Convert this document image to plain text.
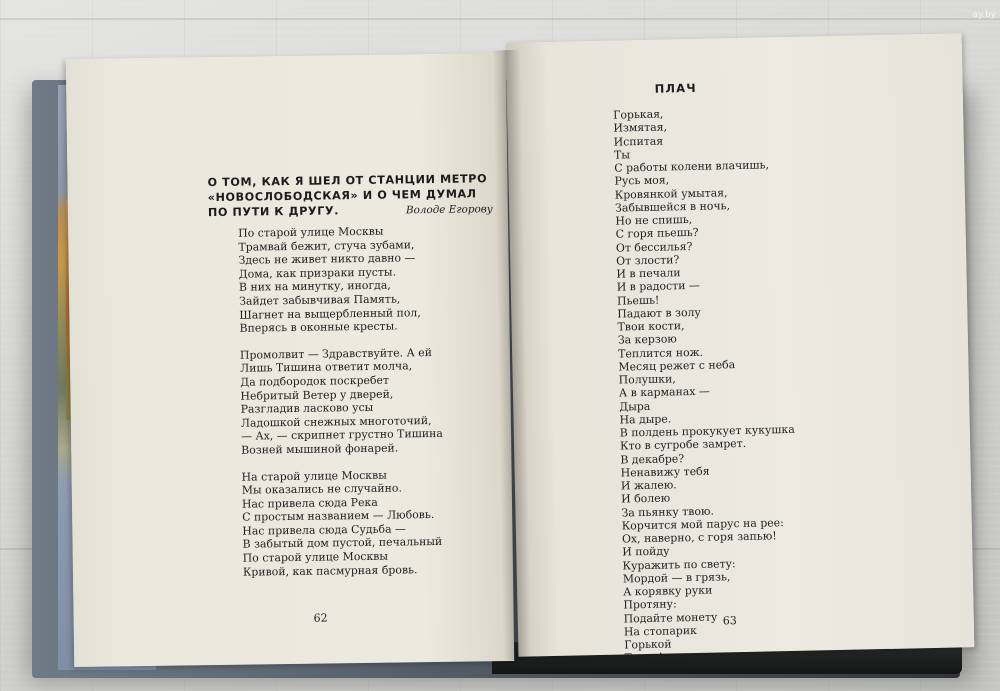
О ТОМ, КАК Я ШЕЛ ОТ СТАНЦИИ МЕТРО
«НОВОСЛОБОДСКАЯ» И О ЧЕМ ДУМАЛ
ПО ПУТИ К ДРУГУ.	Володе Егорову
По старой улице Москвы
Трамвай бежит, стуча зубами,
Здесь не живет никто давно —
Дома, как призраки пусты.
В них на минутку, иногда,
Зайдет забывчивая Память,
Шагнет на выщербленный пол,
Вперясь в оконные кресты.
Промолвит — Здравствуйте. А ей
Лишь Тишина ответит молча,
Да подбородок поскребет
Небритый Ветер у дверей,
Разгладив ласково усы
Ладошкой снежных многоточий,
— Ах, — скрипнет грустно Тишина
Возней мышиной фонарей.
На старой улице Москвы
Мы оказались не случайно.
Нас привела сюда Река
С простым названием — Любовь.
Нас привела сюда Судьба —
В забытый дом пустой, печальный
По старой улице Москвы
Кривой, как пасмурная бровь.
62
ПЛАЧ
Горькая,
Измятая,
Испитая
Ты
С работы колени влачишь,
Русь моя,
Кровянкой умытая,
Забывшейся в ночь,
Но не спишь,
С горя пьешь?
От бессилья?
От злости?
И в печали
И в радости —
Пьешь!
Падают в золу
Твои кости,
За керзою
Теплится нож.
Месяц режет с неба
Полушки,
А в карманах —
Дыра
На дыре.
В полдень прокукует кукушка
Кто в сугробе замрет.
В декабре?
Ненавижу тебя
И жалею.
И болею
За пьянку твою.
Корчится мой парус на рее:
Ох, наверно, с горя запью!
И пойду
Куражить по свету:
Мордой — в грязь,
А корявку руки
Протяну:
Подайте монету
На стопарик
Горькой
Тоски!
63
ay.by
